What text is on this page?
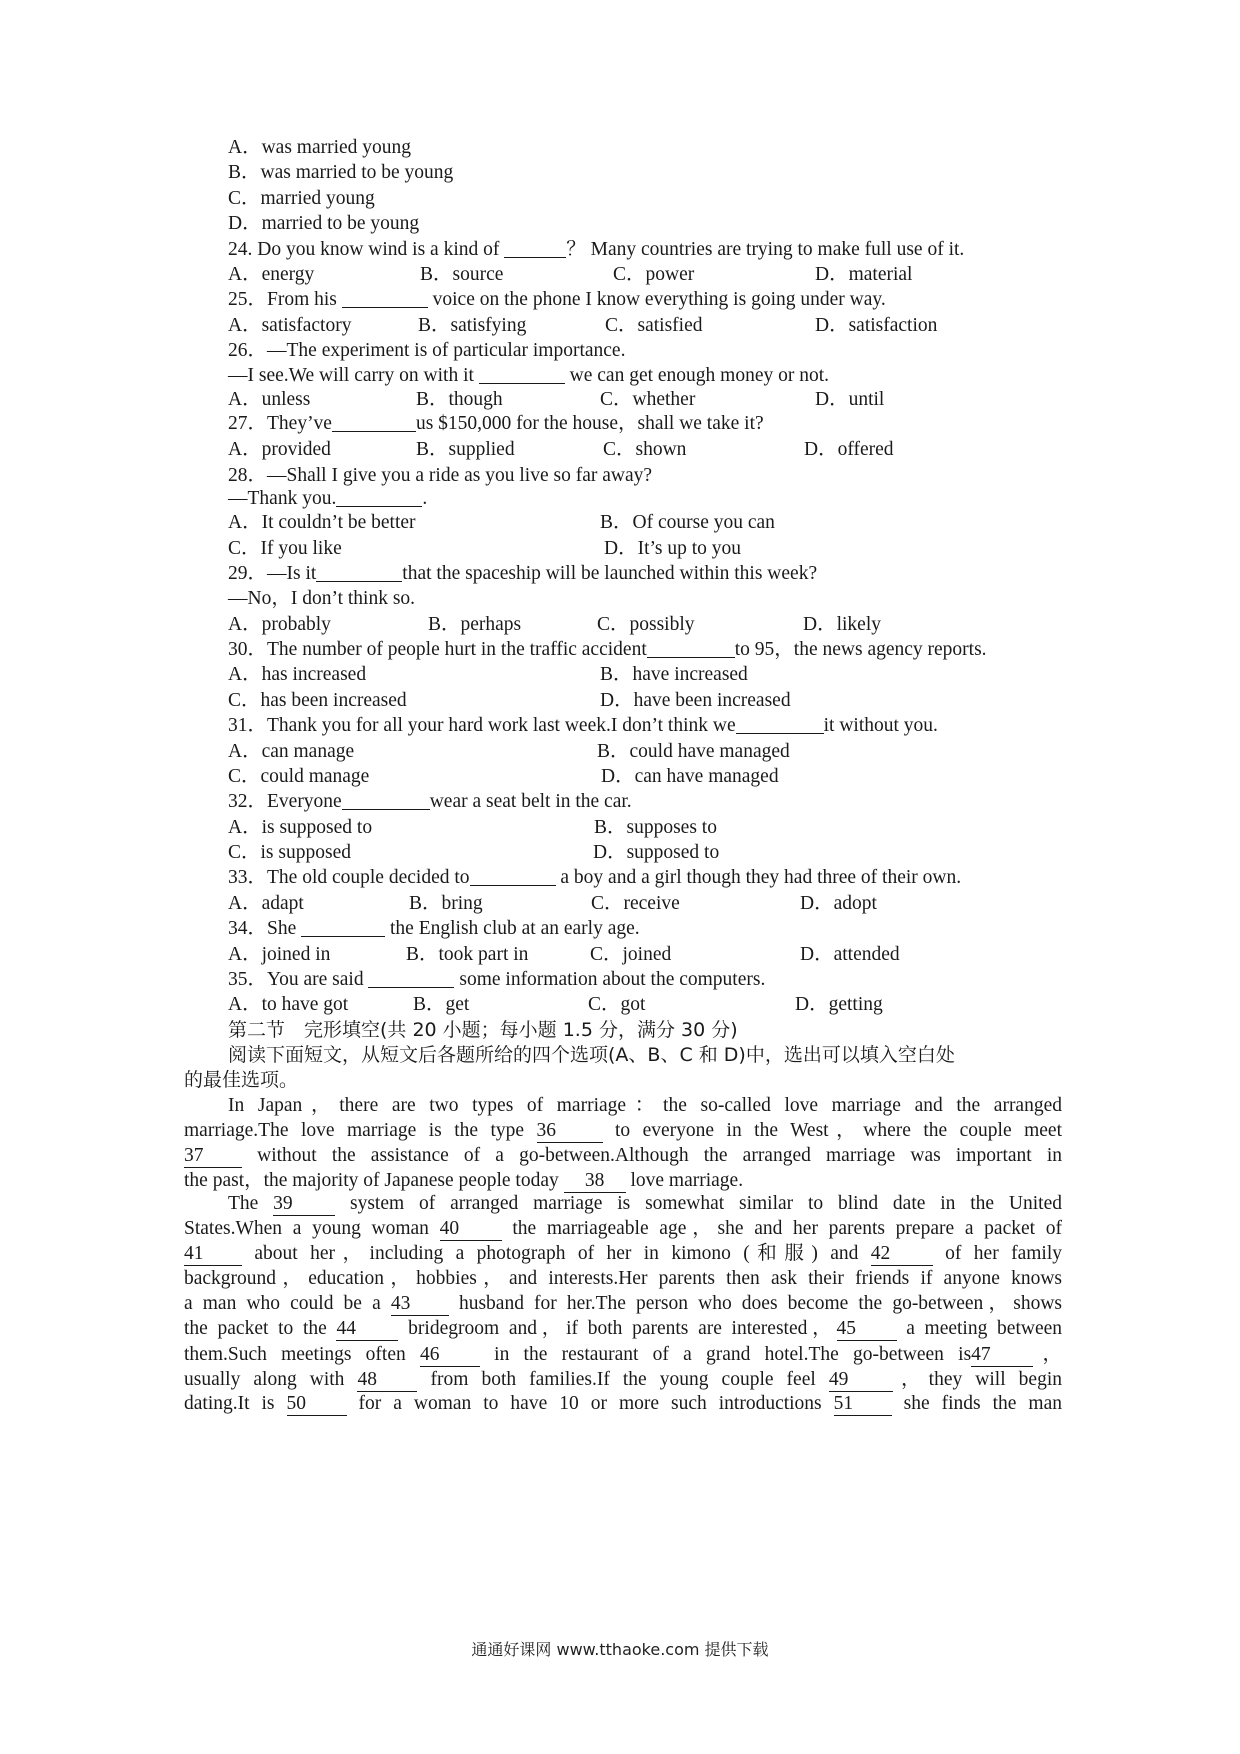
A．was married young
B．was married to be young
C．married young
D．married to be young
24. Do you know wind is a kind of	？ Many countries are trying to make full use of it.
A．energy	B．source	C．power	D．material
25．From his	voice on the phone I know everything is going under way.
A．satisfactory	B．satisfying	C．satisfied	D．satisfaction
26．—The experiment is of particular importance.
—I see.We will carry on with it	we can get enough money or not.
A．unless	B．though	C．whether	D．until
27．They’ve	us $150,000 for the house，shall we take it?
A．provided	B．supplied	C．shown	D．offered
28．—Shall I give you a ride as you live so far away?
—Thank you.	.
A．It couldn’t be better	B．Of course you can
C．If you like	D．It’s up to you
29．—Is it	that the spaceship will be launched within this week?
—No，I don’t think so.
A．probably	B．perhaps	C．possibly	D．likely
30．The number of people hurt in the traffic accident	to 95，the news agency reports.
A．has increased	B．have increased
C．has been increased	D．have been increased
31．Thank you for all your hard work last week.I don’t think we	it without you.
A．can manage	B．could have managed
C．could manage	D．can have managed
32．Everyone	wear a seat belt in the car.
A．is supposed to	B．supposes to
C．is supposed	D．supposed to
33．The old couple decided to	a boy and a girl though they had three of their own.
A．adapt	B．bring	C．receive	D．adopt
34．She	the English club at an early age.
A．joined in	B．took part in	C．joined	D．attended
35．You are said	some information about the computers.
A．to have got	B．get	C．got	D．getting
第二节　完形填空(共 20 小题；每小题 1.5 分，满分 30 分)
阅读下面短文，从短文后各题所给的四个选项(A、B、C 和 D)中，选出可以填入空白处
的最佳选项。
In Japan，there are two types of marriage：the so-called love marriage and the arranged
marriage.The love marriage is the type 36 to everyone in the West，where the couple meet
37 without the assistance of a go-between.Although the arranged marriage was important in
the past，the majority of Japanese people today 38 love marriage.
The 39 system of arranged marriage is somewhat similar to blind date in the United
States.When a young woman 40 the marriageable age，she and her parents prepare a packet of
41 about her，including a photograph of her in kimono (和服) and 42 of her family
background，education，hobbies，and interests.Her parents then ask their friends if anyone knows
a man who could be a 43 husband for her.The person who does become the go-between，shows
the packet to the 44 bridegroom and，if both parents are interested，45 a meeting between
them.Such meetings often 46 in the restaurant of a grand hotel.The go-between is47 ，
usually along with 48 from both families.If the young couple feel 49 ，they will begin
dating.It is 50 for a woman to have 10 or more such introductions 51 she finds the man
通通好课网 www.tthaoke.com 提供下载
